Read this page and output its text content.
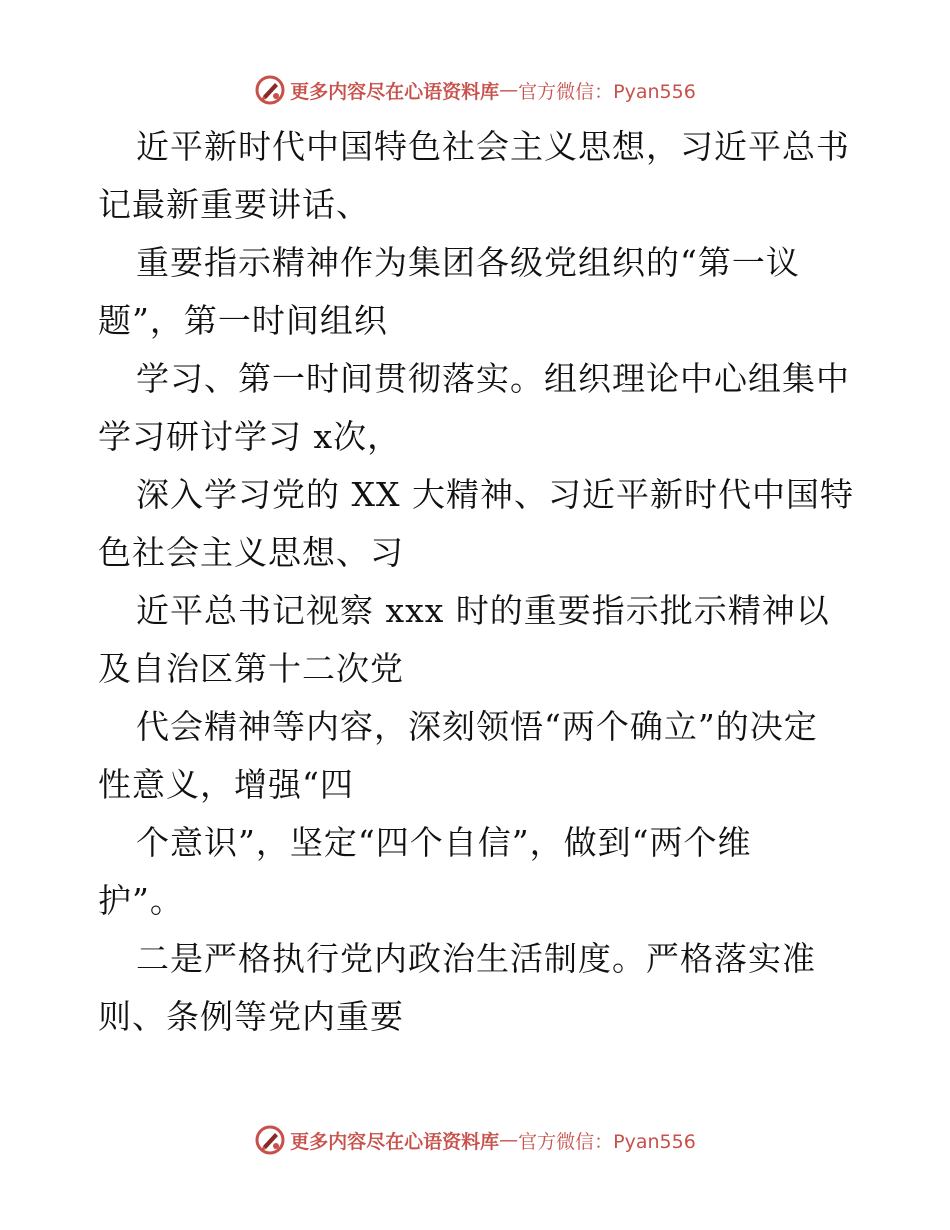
更多内容尽在心语资料库 — 官方微信：Pyan556
近平新时代中国特色社会主义思想，习近平总书
记最新重要讲话、
重要指示精神作为集团各级党组织的“第一议
题”，第一时间组织
学习、第一时间贯彻落实。组织理论中心组集中
学习研讨学习 x次，
深入学习党的 XX 大精神、习近平新时代中国特
色社会主义思想、习
近平总书记视察 xxx 时的重要指示批示精神以
及自治区第十二次党
代会精神等内容，深刻领悟“两个确立”的决定
性意义，增强“四
个意识”，坚定“四个自信”，做到“两个维
护”。
二是严格执行党内政治生活制度。严格落实准
则、条例等党内重要
更多内容尽在心语资料库 — 官方微信：Pyan556
